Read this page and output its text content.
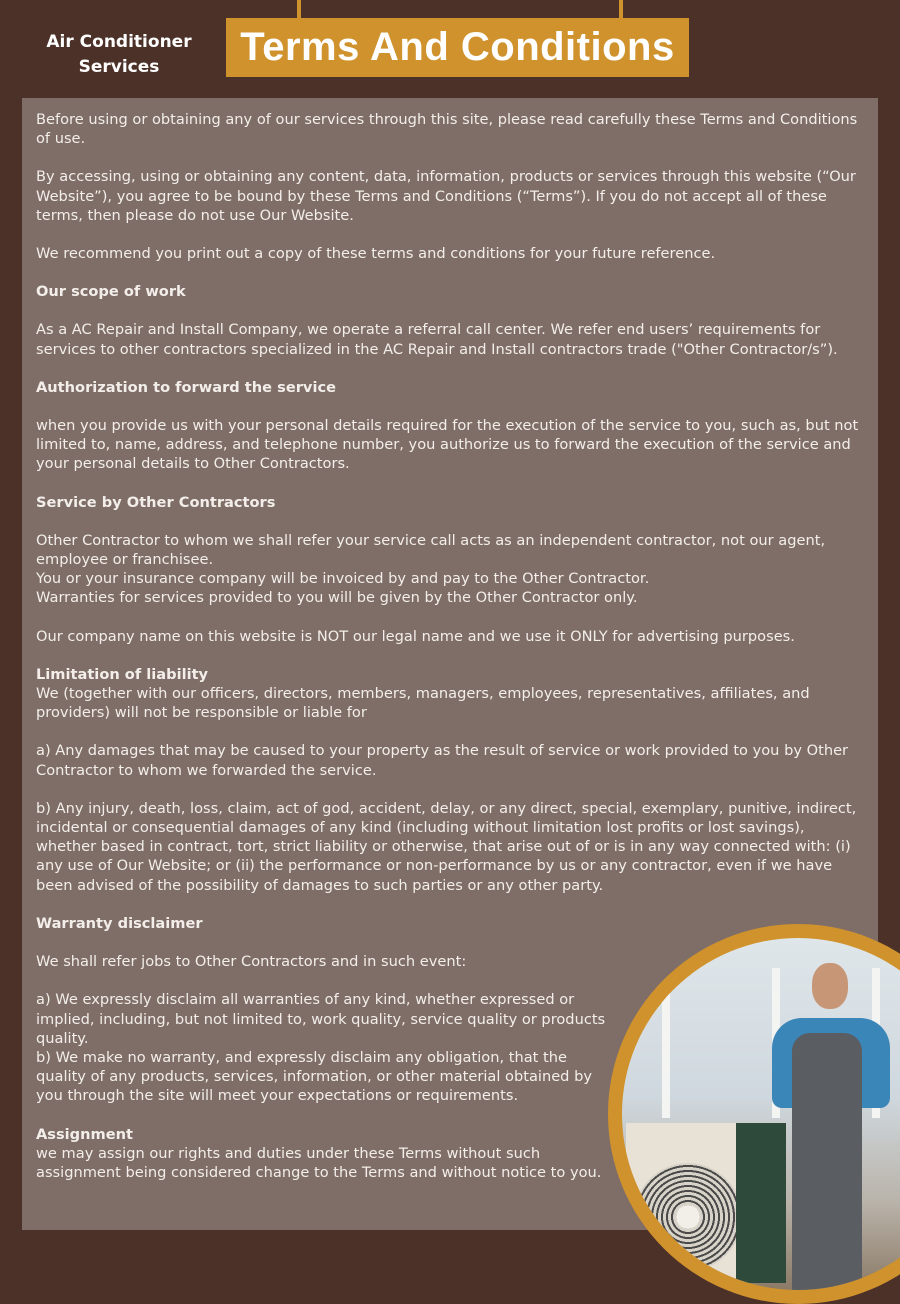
Air Conditioner
Services	Terms And Conditions

Before using or obtaining any of our services through this site, please read carefully these Terms and Conditions of use.

By accessing, using or obtaining any content, data, information, products or services through this website (“Our Website”), you agree to be bound by these Terms and Conditions (“Terms”). If you do not accept all of these terms, then please do not use Our Website.

We recommend you print out a copy of these terms and conditions for your future reference.

Our scope of work

As a AC Repair and Install Company, we operate a referral call center. We refer end users’ requirements for services to other contractors specialized in the AC Repair and Install contractors trade ("Other Contractor/s”).

Authorization to forward the service

when you provide us with your personal details required for the execution of the service to you, such as, but not limited to, name, address, and telephone number, you authorize us to forward the execution of the service and your personal details to Other Contractors.

Service by Other Contractors

Other Contractor to whom we shall refer your service call acts as an independent contractor, not our agent, employee or franchisee.

You or your insurance company will be invoiced by and pay to the Other Contractor.

Warranties for services provided to you will be given by the Other Contractor only.

Our company name on this website is NOT our legal name and we use it ONLY for advertising purposes.

Limitation of liability

We (together with our officers, directors, members, managers, employees, representatives, affiliates, and providers) will not be responsible or liable for

a) Any damages that may be caused to your property as the result of service or work provided to you by Other Contractor to whom we forwarded the service.

b) Any injury, death, loss, claim, act of god, accident, delay, or any direct, special, exemplary, punitive, indirect, incidental or consequential damages of any kind (including without limitation lost profits or lost savings), whether based in contract, tort, strict liability or otherwise, that arise out of or is in any way connected with: (i) any use of Our Website; or (ii) the performance or non-performance by us or any contractor, even if we have been advised of the possibility of damages to such parties or any other party.

Warranty disclaimer

We shall refer jobs to Other Contractors and in such event:

a) We expressly disclaim all warranties of any kind, whether expressed or implied, including, but not limited to, work quality, service quality or products quality.

b) We make no warranty, and expressly disclaim any obligation, that the quality of any products, services, information, or other material obtained by you through the site will meet your expectations or requirements.

Assignment

we may assign our rights and duties under these Terms without such assignment being considered change to the Terms and without notice to you.
